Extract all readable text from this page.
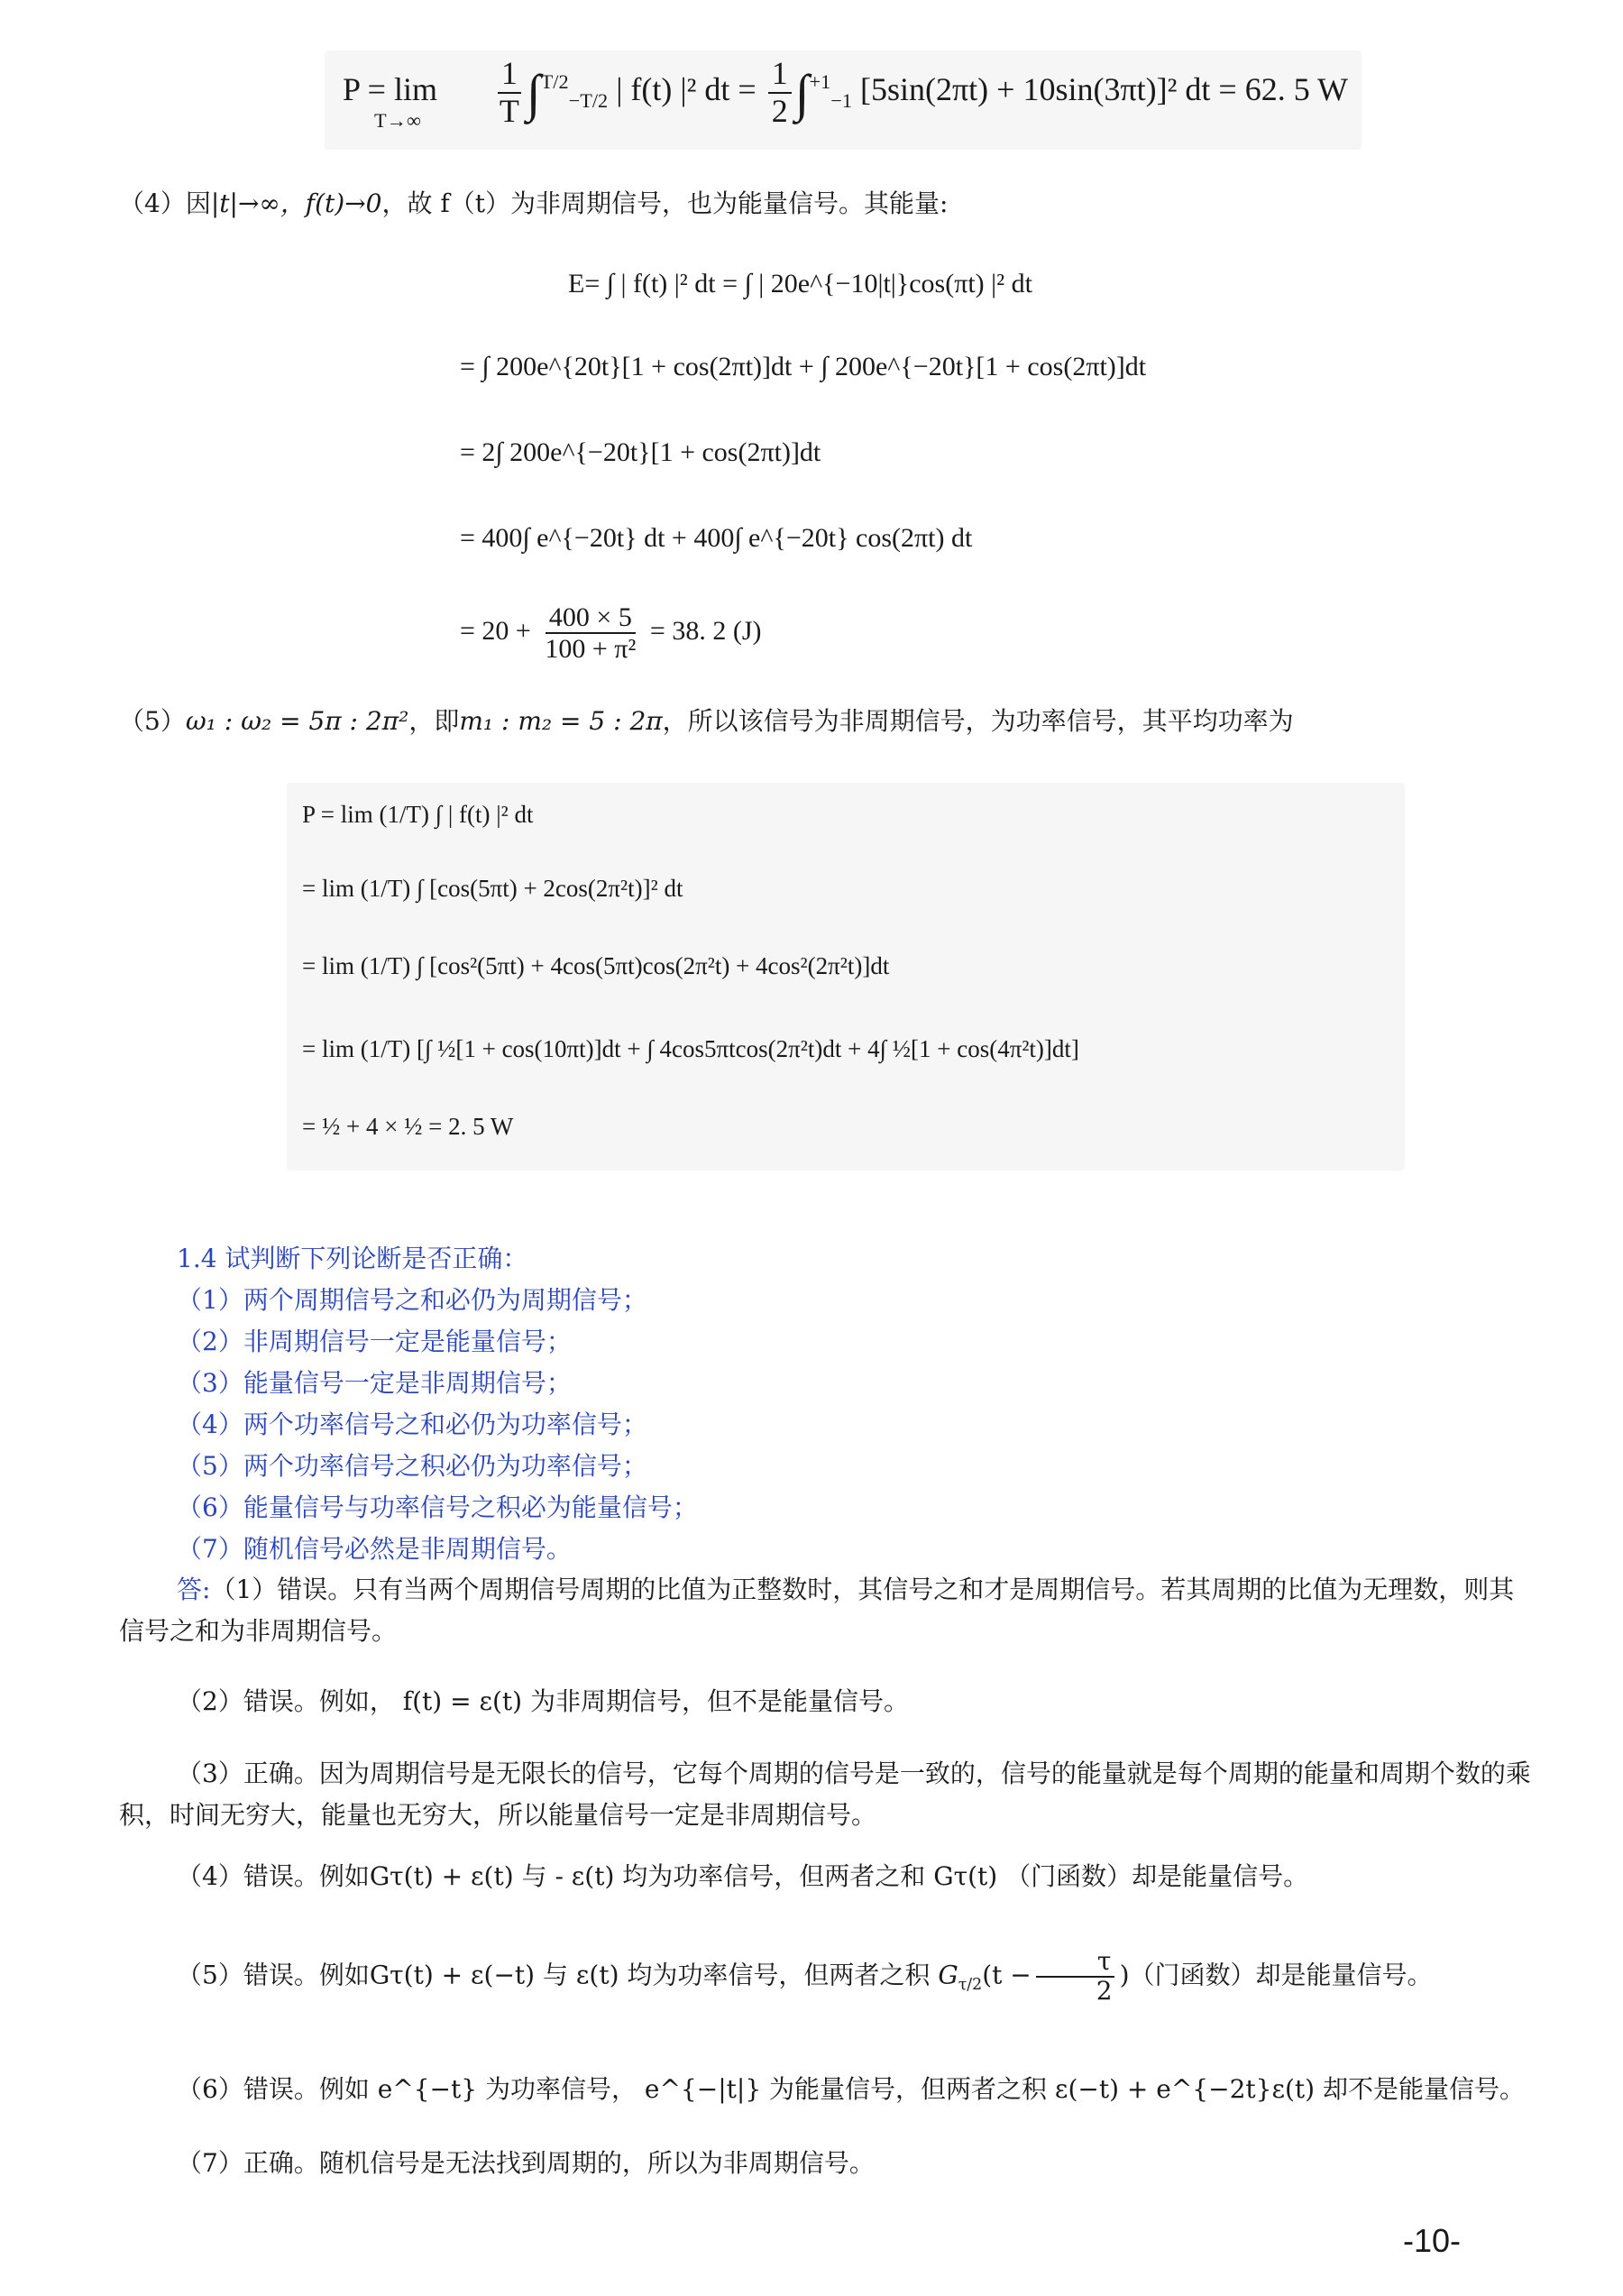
$P = \lim_{T\to\infty} \frac{1}{T} \int^{T/2}_{-T/2}$ | f(t) |² dt = $\frac{1}{2} \int^{+1}_{-1}$ [5sin(2πt) + 10sin(3πt)]² dt = 62. 5 W
（4）因|t|→∞，f(t)→0，故 f（t）为非周期信号，也为能量信号。其能量:
E= ∫ | f(t) |² dt = ∫ | 20e^{−10|t|}cos(πt) |² dt
= ∫ 200e^{20t}[1 + cos(2πt)]dt + ∫ 200e^{−20t}[1 + cos(2πt)]dt
= 2∫ 200e^{−20t}[1 + cos(2πt)]dt
= 400∫ e^{−20t} dt + 400∫ e^{−20t} cos(2πt) dt
= $20 + \frac{400 \times 5}{\text{100 + π²}} = 38$. 2 (J)
（5）ω₁ : ω₂ = 5π : 2π²，即m₁ : m₂ = 5 : 2π，所以该信号为非周期信号，为功率信号，其平均功率为
P = lim (1/T) ∫ | f(t) |² dt
= lim (1/T) ∫ [cos(5πt) + 2cos(2π²t)]² dt
= lim (1/T) ∫ [cos²(5πt) + 4cos(5πt)cos(2π²t) + 4cos²(2π²t)]dt
= lim (1/T) [∫ ½[1 + cos(10πt)]dt + ∫ 4cos5πtcos(2π²t)dt + 4∫ ½[1 + cos(4π²t)]dt]
= ½ + 4 × ½ = 2. 5 W
1.4 试判断下列论断是否正确：
（1）两个周期信号之和必仍为周期信号；
（2）非周期信号一定是能量信号；
（3）能量信号一定是非周期信号；
（4）两个功率信号之和必仍为功率信号；
（5）两个功率信号之积必仍为功率信号；
（6）能量信号与功率信号之积必为能量信号；
（7）随机信号必然是非周期信号。
答:（1）错误。只有当两个周期信号周期的比值为正整数时，其信号之和才是周期信号。若其周期的比值为无理数，则其信号之和为非周期信号。
（2）错误。例如， f(t) = ε(t) 为非周期信号，但不是能量信号。
（3）正确。因为周期信号是无限长的信号，它每个周期的信号是一致的，信号的能量就是每个周期的能量和周期个数的乘积，时间无穷大，能量也无穷大，所以能量信号一定是非周期信号。
（4）错误。例如Gτ(t) + ε(t) 与 - ε(t) 均为功率信号，但两者之和 Gτ(t) （门函数）却是能量信号。
（5）错误。例如Gτ(t) + ε(−t) 与 ε(t) 均为功率信号，但两者之积 $G_{\tau/2}(t - \frac{\tau}{2}$ )（门函数）却是能量信号。
（6）错误。例如 e^{−t} 为功率信号， e^{−|t|} 为能量信号，但两者之积 ε(−t) + e^{−2t}ε(t) 却不是能量信号。
（7）正确。随机信号是无法找到周期的，所以为非周期信号。
-10-
